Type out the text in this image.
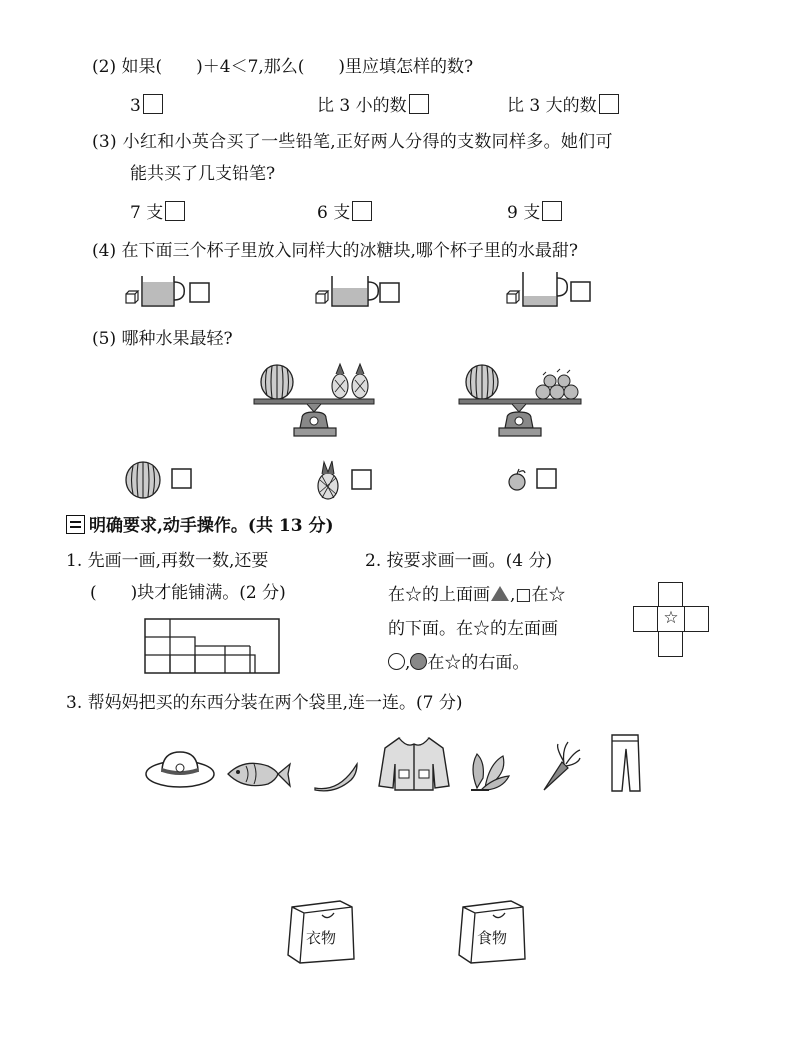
(2) 如果(　　)＋4＜7,那么(　　)里应填怎样的数?
3	比 3 小的数	比 3 大的数
(3) 小红和小英合买了一些铅笔,正好两人分得的支数同样多。她们可
能共买了几支铅笔?
7 支	6 支	9 支
(4) 在下面三个杯子里放入同样大的冰糖块,哪个杯子里的水最甜?
(5) 哪种水果最轻?
明确要求,动手操作。(共 13 分)
1. 先画一画,再数一数,还要
(　　)块才能铺满。(2 分)
2. 按要求画一画。(4 分)
在☆的上面画 ,□在☆
的下面。在☆的左面画
, 在☆的右面。
☆
3. 帮妈妈把买的东西分装在两个袋里,连一连。(7 分)
衣物	食物
